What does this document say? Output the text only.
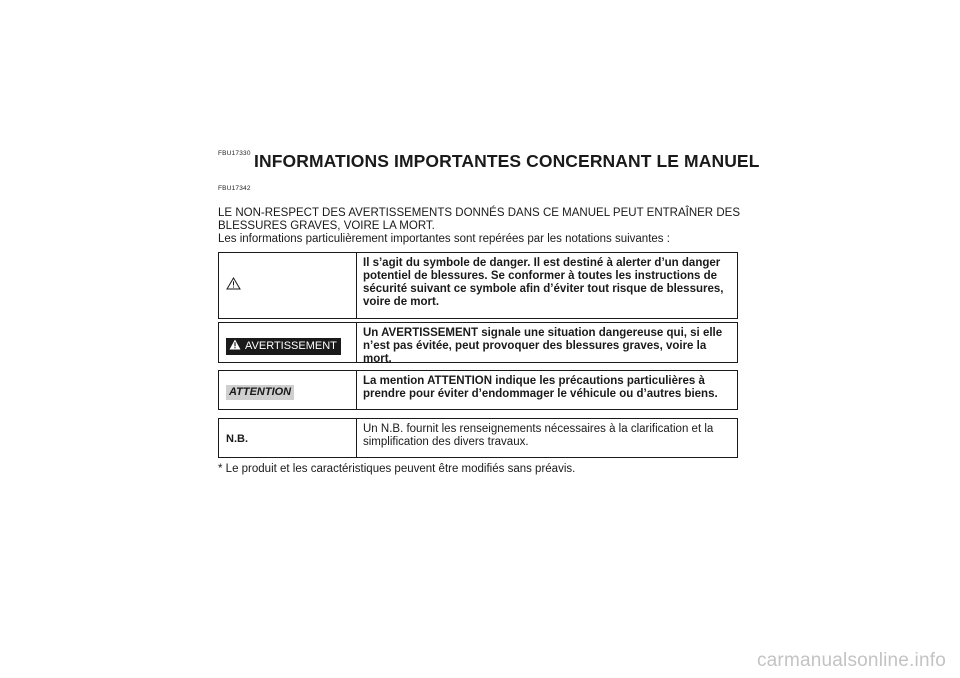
FBU17330 INFORMATIONS IMPORTANTES CONCERNANT LE MANUEL
FBU17342

LE NON-RESPECT DES AVERTISSEMENTS DONNÉS DANS CE MANUEL PEUT ENTRAÎNER DES BLESSURES GRAVES, VOIRE LA MORT.

Les informations particulièrement importantes sont repérées par les notations suivantes :

Il s’agit du symbole de danger. Il est destiné à alerter d’un danger potentiel de blessures. Se conformer à toutes les instructions de sécurité suivant ce symbole afin d’éviter tout risque de blessures, voire de mort.
AVERTISSEMENT
Un AVERTISSEMENT signale une situation dangereuse qui, si elle n’est pas évitée, peut provoquer des blessures graves, voire la mort.
ATTENTION
La mention ATTENTION indique les précautions particulières à prendre pour éviter d’endommager le véhicule ou d’autres biens.
N.B.
Un N.B. fournit les renseignements nécessaires à la clarification et la simplification des divers travaux.
* Le produit et les caractéristiques peuvent être modifiés sans préavis.
carmanualsonline.info
